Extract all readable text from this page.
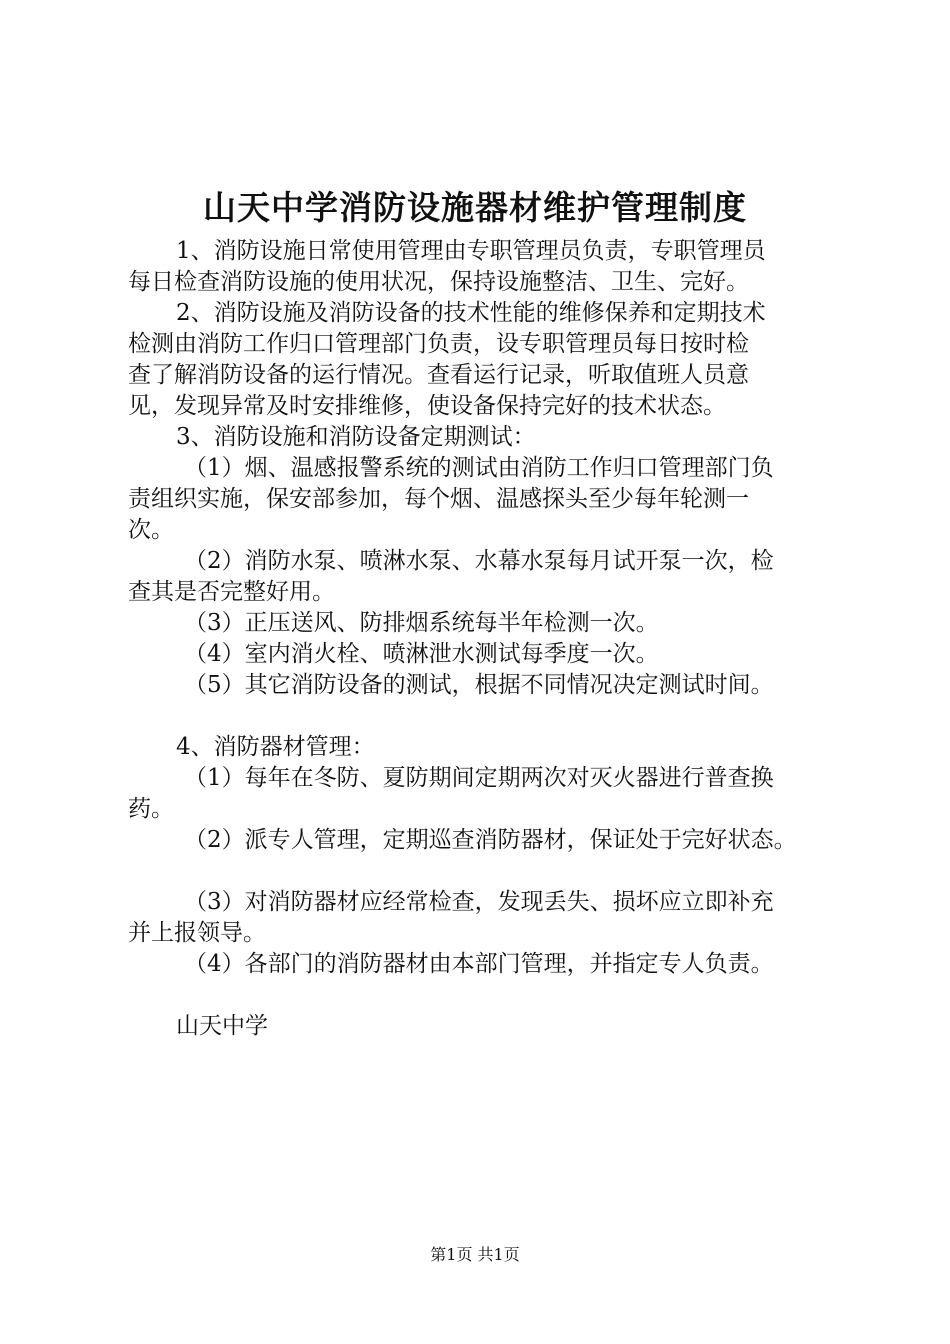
山天中学消防设施器材维护管理制度
1、消防设施日常使用管理由专职管理员负责，专职管理员
每日检查消防设施的使用状况，保持设施整洁、卫生、完好。
2、消防设施及消防设备的技术性能的维修保养和定期技术
检测由消防工作归口管理部门负责，设专职管理员每日按时检
查了解消防设备的运行情况。查看运行记录，听取值班人员意
见，发现异常及时安排维修，使设备保持完好的技术状态。
3、消防设施和消防设备定期测试：
（1）烟、温感报警系统的测试由消防工作归口管理部门负
责组织实施，保安部参加，每个烟、温感探头至少每年轮测一
次。
（2）消防水泵、喷淋水泵、水幕水泵每月试开泵一次，检
查其是否完整好用。
（3）正压送风、防排烟系统每半年检测一次。
（4）室内消火栓、喷淋泄水测试每季度一次。
（5）其它消防设备的测试，根据不同情况决定测试时间。
4、消防器材管理：
（1）每年在冬防、夏防期间定期两次对灭火器进行普查换
药。
（2）派专人管理，定期巡查消防器材，保证处于完好状态。
（3）对消防器材应经常检查，发现丢失、损坏应立即补充
并上报领导。
（4）各部门的消防器材由本部门管理，并指定专人负责。
山天中学
第1页 共1页
